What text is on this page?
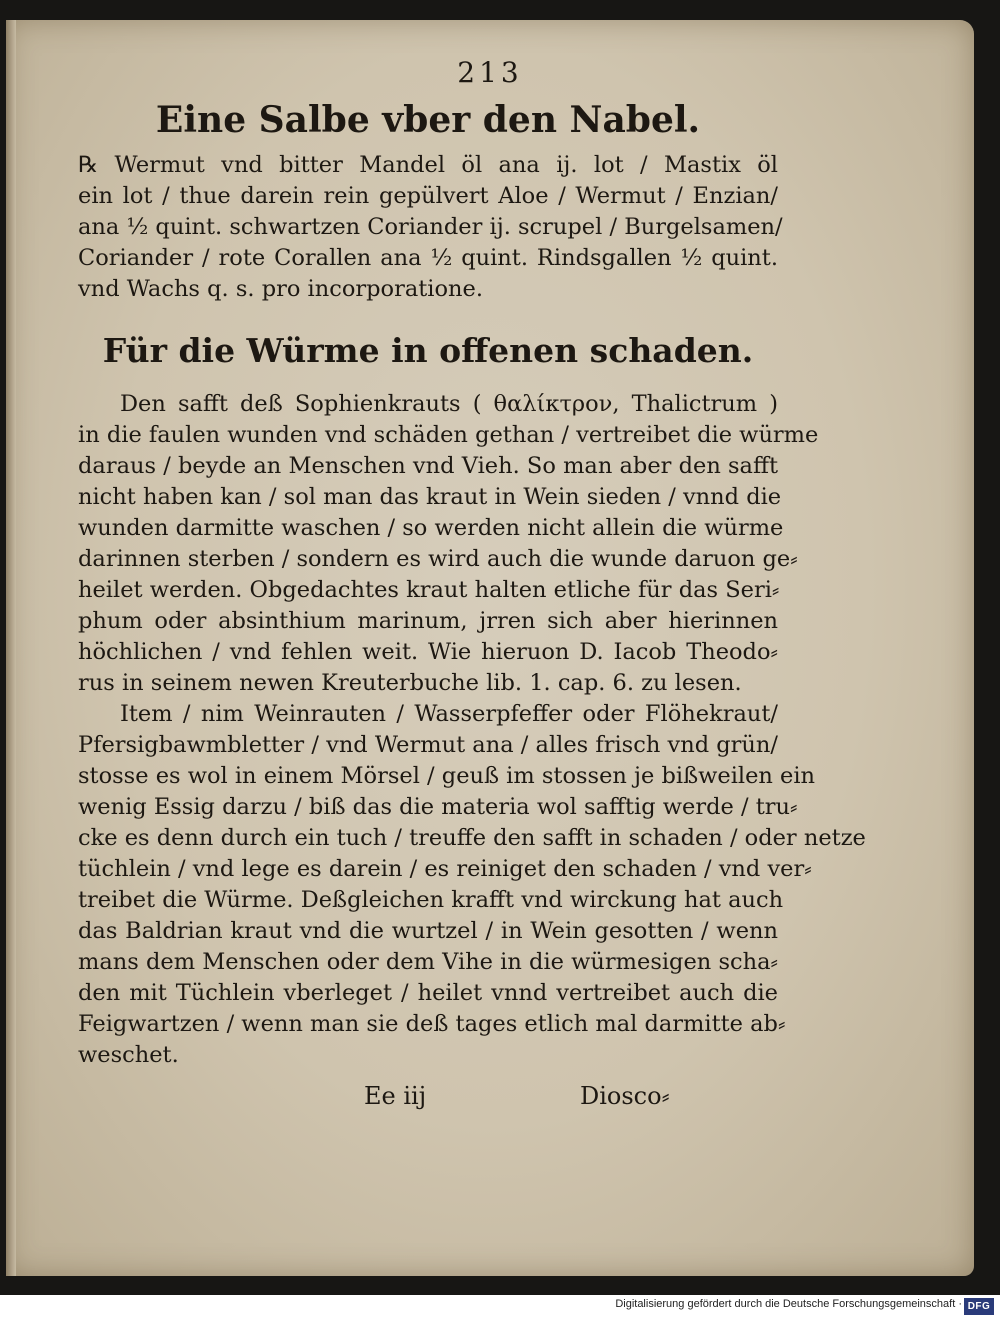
213
Eine Salbe vber den Nabel.
℞ Wermut vnd bitter Mandel öl ana ij. lot / Mastix öl
ein lot / thue darein rein gepülvert Aloe / Wermut / Enzian/
ana ½ quint. schwartzen Coriander ij. scrupel / Burgelsamen/
Coriander / rote Corallen ana ½ quint. Rindsgallen ½ quint.
vnd Wachs q. s. pro incorporatione.
Für die Würme in offenen schaden.
Den safft deß Sophienkrauts ( θαλίκτρον, Thalictrum )
in die faulen wunden vnd schäden gethan / vertreibet die würme
daraus / beyde an Menschen vnd Vieh. So man aber den safft
nicht haben kan / sol man das kraut in Wein sieden / vnnd die
wunden darmitte waschen / so werden nicht allein die würme
darinnen sterben / sondern es wird auch die wunde daruon ge⸗
heilet werden. Obgedachtes kraut halten etliche für das Seri⸗
phum oder absinthium marinum, jrren sich aber hierinnen
höchlichen / vnd fehlen weit. Wie hieruon D. Iacob Theodo⸗
rus in seinem newen Kreuterbuche lib. 1. cap. 6. zu lesen.
Item / nim Weinrauten / Wasserpfeffer oder Flöhekraut/
Pfersigbawmbletter / vnd Wermut ana / alles frisch vnd grün/
stosse es wol in einem Mörsel / geuß im stossen je bißweilen ein
wenig Essig darzu / biß das die materia wol safftig werde / tru⸗
cke es denn durch ein tuch / treuffe den safft in schaden / oder netze
tüchlein / vnd lege es darein / es reiniget den schaden / vnd ver⸗
treibet die Würme. Deßgleichen krafft vnd wirckung hat auch
das Baldrian kraut vnd die wurtzel / in Wein gesotten / wenn
mans dem Menschen oder dem Vihe in die würmesigen scha⸗
den mit Tüchlein vberleget / heilet vnnd vertreibet auch die
Feigwartzen / wenn man sie deß tages etlich mal darmitte ab⸗
weschet.
Ee iij	Diosco⸗
Digitalisierung gefördert durch die Deutsche Forschungsgemeinschaft · DFG
